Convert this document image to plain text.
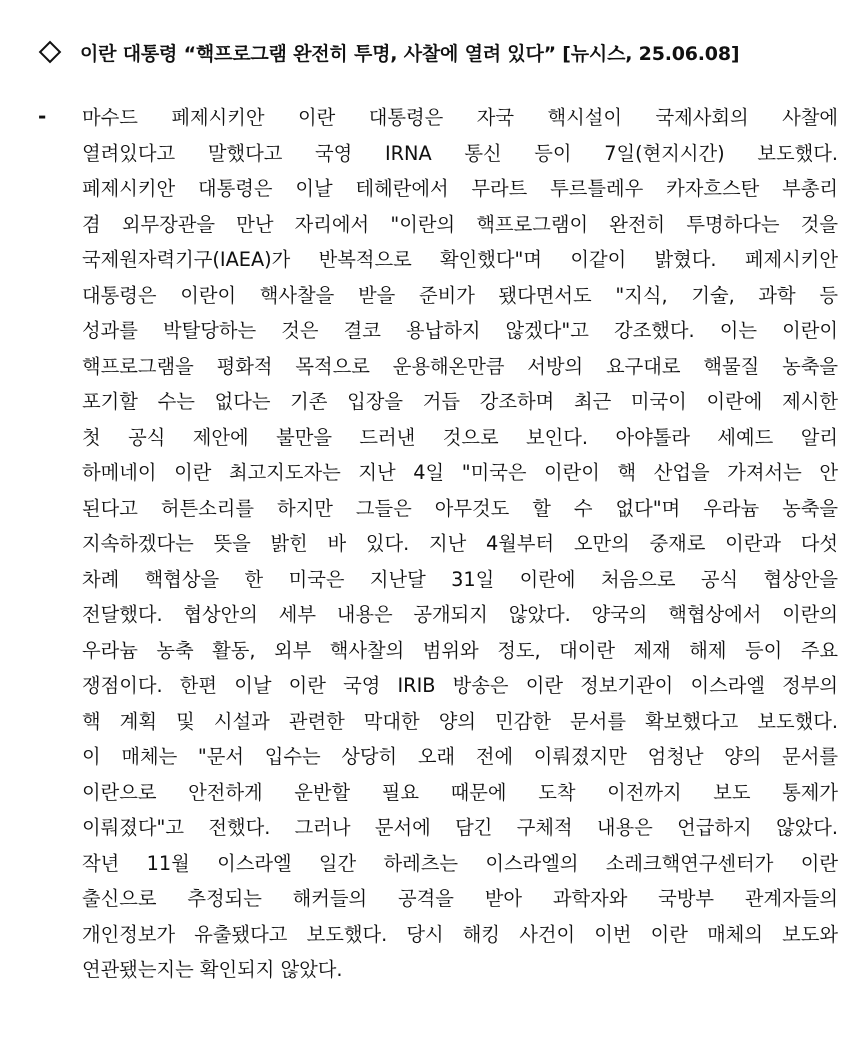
이란 대통령 “핵프로그램 완전히 투명, 사찰에 열려 있다” [뉴시스, 25.06.08]
- 마수드 페제시키안 이란 대통령은 자국 핵시설이 국제사회의 사찰에
열려있다고 말했다고 국영 IRNA 통신 등이 7일(현지시간) 보도했다.
페제시키안 대통령은 이날 테헤란에서 무라트 투르틀레우 카자흐스탄 부총리
겸 외무장관을 만난 자리에서 "이란의 핵프로그램이 완전히 투명하다는 것을
국제원자력기구(IAEA)가 반복적으로 확인했다"며 이같이 밝혔다. 페제시키안
대통령은 이란이 핵사찰을 받을 준비가 됐다면서도 "지식, 기술, 과학 등
성과를 박탈당하는 것은 결코 용납하지 않겠다"고 강조했다. 이는 이란이
핵프로그램을 평화적 목적으로 운용해온만큼 서방의 요구대로 핵물질 농축을
포기할 수는 없다는 기존 입장을 거듭 강조하며 최근 미국이 이란에 제시한
첫 공식 제안에 불만을 드러낸 것으로 보인다. 아야톨라 세예드 알리
하메네이 이란 최고지도자는 지난 4일 "미국은 이란이 핵 산업을 가져서는 안
된다고 허튼소리를 하지만 그들은 아무것도 할 수 없다"며 우라늄 농축을
지속하겠다는 뜻을 밝힌 바 있다. 지난 4월부터 오만의 중재로 이란과 다섯
차례 핵협상을 한 미국은 지난달 31일 이란에 처음으로 공식 협상안을
전달했다. 협상안의 세부 내용은 공개되지 않았다. 양국의 핵협상에서 이란의
우라늄 농축 활동, 외부 핵사찰의 범위와 정도, 대이란 제재 해제 등이 주요
쟁점이다. 한편 이날 이란 국영 IRIB 방송은 이란 정보기관이 이스라엘 정부의
핵 계획 및 시설과 관련한 막대한 양의 민감한 문서를 확보했다고 보도했다.
이 매체는 "문서 입수는 상당히 오래 전에 이뤄졌지만 엄청난 양의 문서를
이란으로 안전하게 운반할 필요 때문에 도착 이전까지 보도 통제가
이뤄졌다"고 전했다. 그러나 문서에 담긴 구체적 내용은 언급하지 않았다.
작년 11월 이스라엘 일간 하레츠는 이스라엘의 소레크핵연구센터가 이란
출신으로 추정되는 해커들의 공격을 받아 과학자와 국방부 관계자들의
개인정보가 유출됐다고 보도했다. 당시 해킹 사건이 이번 이란 매체의 보도와
연관됐는지는 확인되지 않았다.
